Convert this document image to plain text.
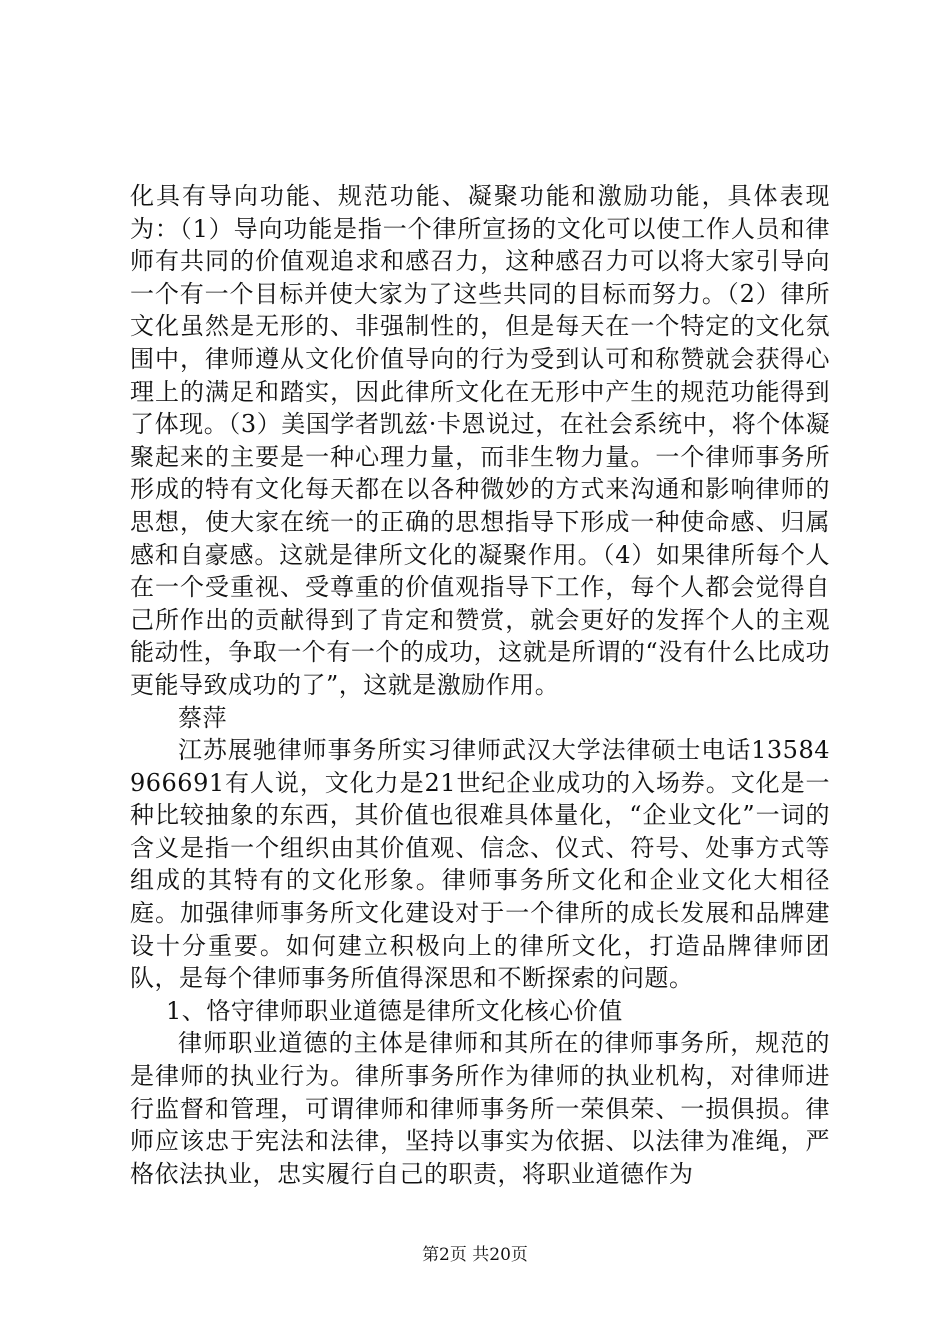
化具有导向功能、规范功能、凝聚功能和激励功能，具体表现为：（1）导向功能是指一个律所宣扬的文化可以使工作人员和律师有共同的价值观追求和感召力，这种感召力可以将大家引导向一个有一个目标并使大家为了这些共同的目标而努力。（2）律所文化虽然是无形的、非强制性的，但是每天在一个特定的文化氛围中，律师遵从文化价值导向的行为受到认可和称赞就会获得心理上的满足和踏实，因此律所文化在无形中产生的规范功能得到了体现。（3）美国学者凯兹·卡恩说过，在社会系统中，将个体凝聚起来的主要是一种心理力量，而非生物力量。一个律师事务所形成的特有文化每天都在以各种微妙的方式来沟通和影响律师的思想，使大家在统一的正确的思想指导下形成一种使命感、归属感和自豪感。这就是律所文化的凝聚作用。（4）如果律所每个人在一个受重视、受尊重的价值观指导下工作，每个人都会觉得自己所作出的贡献得到了肯定和赞赏，就会更好的发挥个人的主观能动性，争取一个有一个的成功，这就是所谓的“没有什么比成功更能导致成功的了”，这就是激励作用。

蔡萍

江苏展驰律师事务所实习律师武汉大学法律硕士电话13584966691有人说，文化力是21世纪企业成功的入场券。文化是一种比较抽象的东西，其价值也很难具体量化，“企业文化”一词的含义是指一个组织由其价值观、信念、仪式、符号、处事方式等组成的其特有的文化形象。律师事务所文化和企业文化大相径庭。加强律师事务所文化建设对于一个律所的成长发展和品牌建设十分重要。如何建立积极向上的律所文化，打造品牌律师团队，是每个律师事务所值得深思和不断探索的问题。

1、恪守律师职业道德是律所文化核心价值

律师职业道德的主体是律师和其所在的律师事务所，规范的是律师的执业行为。律所事务所作为律师的执业机构，对律师进行监督和管理，可谓律师和律师事务所一荣俱荣、一损俱损。律师应该忠于宪法和法律，坚持以事实为依据、以法律为准绳，严格依法执业，忠实履行自己的职责，将职业道德作为

第2页 共20页
